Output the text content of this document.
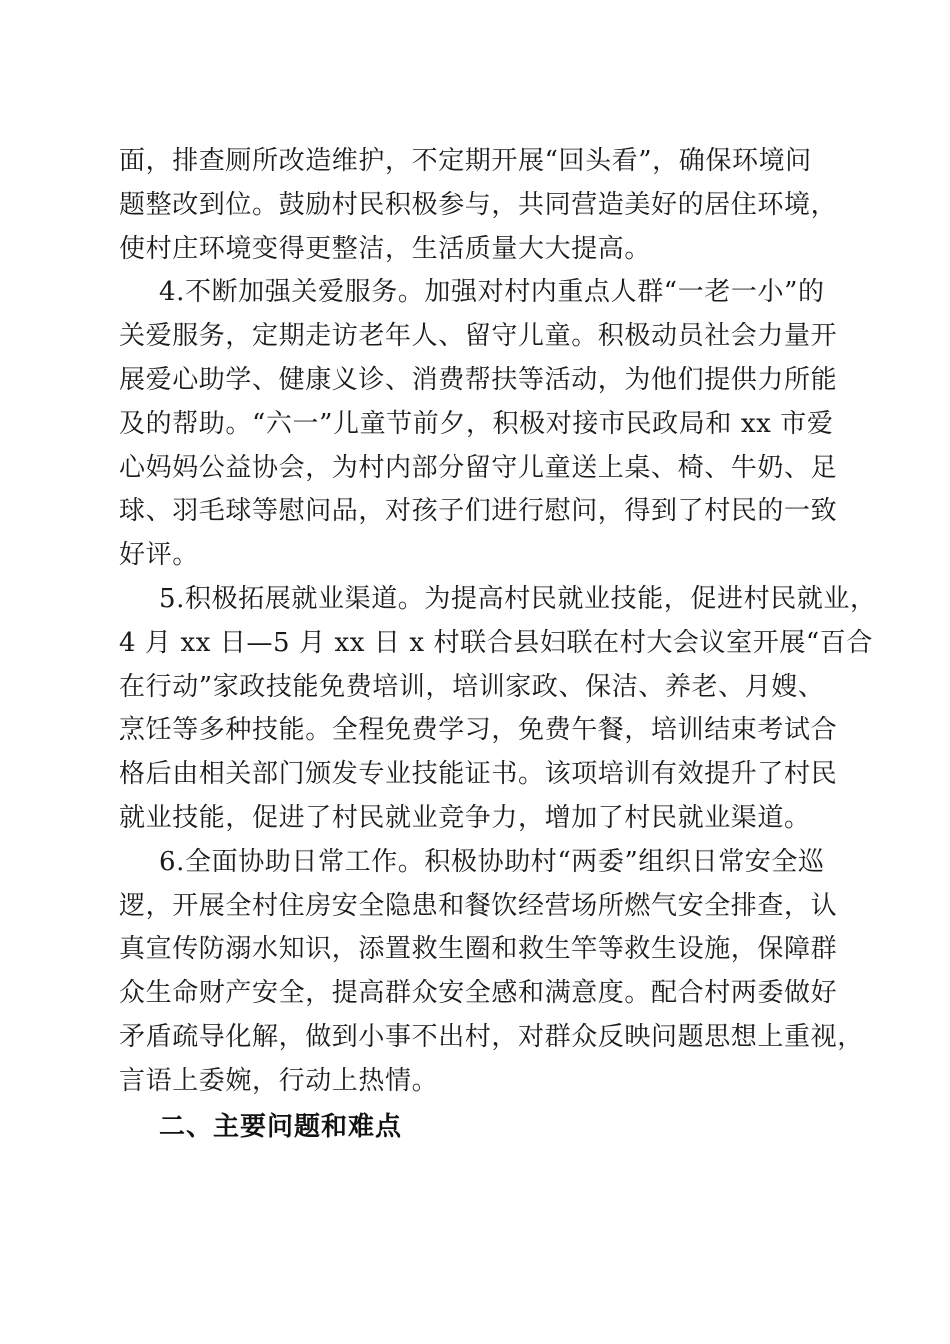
面，排查厕所改造维护，不定期开展“回头看”，确保环境问
题整改到位。鼓励村民积极参与，共同营造美好的居住环境，
使村庄环境变得更整洁，生活质量大大提高。
4.不断加强关爱服务。加强对村内重点人群“一老一小”的
关爱服务，定期走访老年人、留守儿童。积极动员社会力量开
展爱心助学、健康义诊、消费帮扶等活动，为他们提供力所能
及的帮助。“六一”儿童节前夕，积极对接市民政局和 xx 市爱
心妈妈公益协会，为村内部分留守儿童送上桌、椅、牛奶、足
球、羽毛球等慰问品，对孩子们进行慰问，得到了村民的一致
好评。
5.积极拓展就业渠道。为提高村民就业技能，促进村民就业，
4 月 xx 日—5 月 xx 日 x 村联合县妇联在村大会议室开展“百合
在行动”家政技能免费培训，培训家政、保洁、养老、月嫂、
烹饪等多种技能。全程免费学习，免费午餐，培训结束考试合
格后由相关部门颁发专业技能证书。该项培训有效提升了村民
就业技能，促进了村民就业竞争力，增加了村民就业渠道。
6.全面协助日常工作。积极协助村“两委”组织日常安全巡
逻，开展全村住房安全隐患和餐饮经营场所燃气安全排查，认
真宣传防溺水知识，添置救生圈和救生竿等救生设施，保障群
众生命财产安全，提高群众安全感和满意度。配合村两委做好
矛盾疏导化解，做到小事不出村，对群众反映问题思想上重视，
言语上委婉，行动上热情。
二、主要问题和难点
